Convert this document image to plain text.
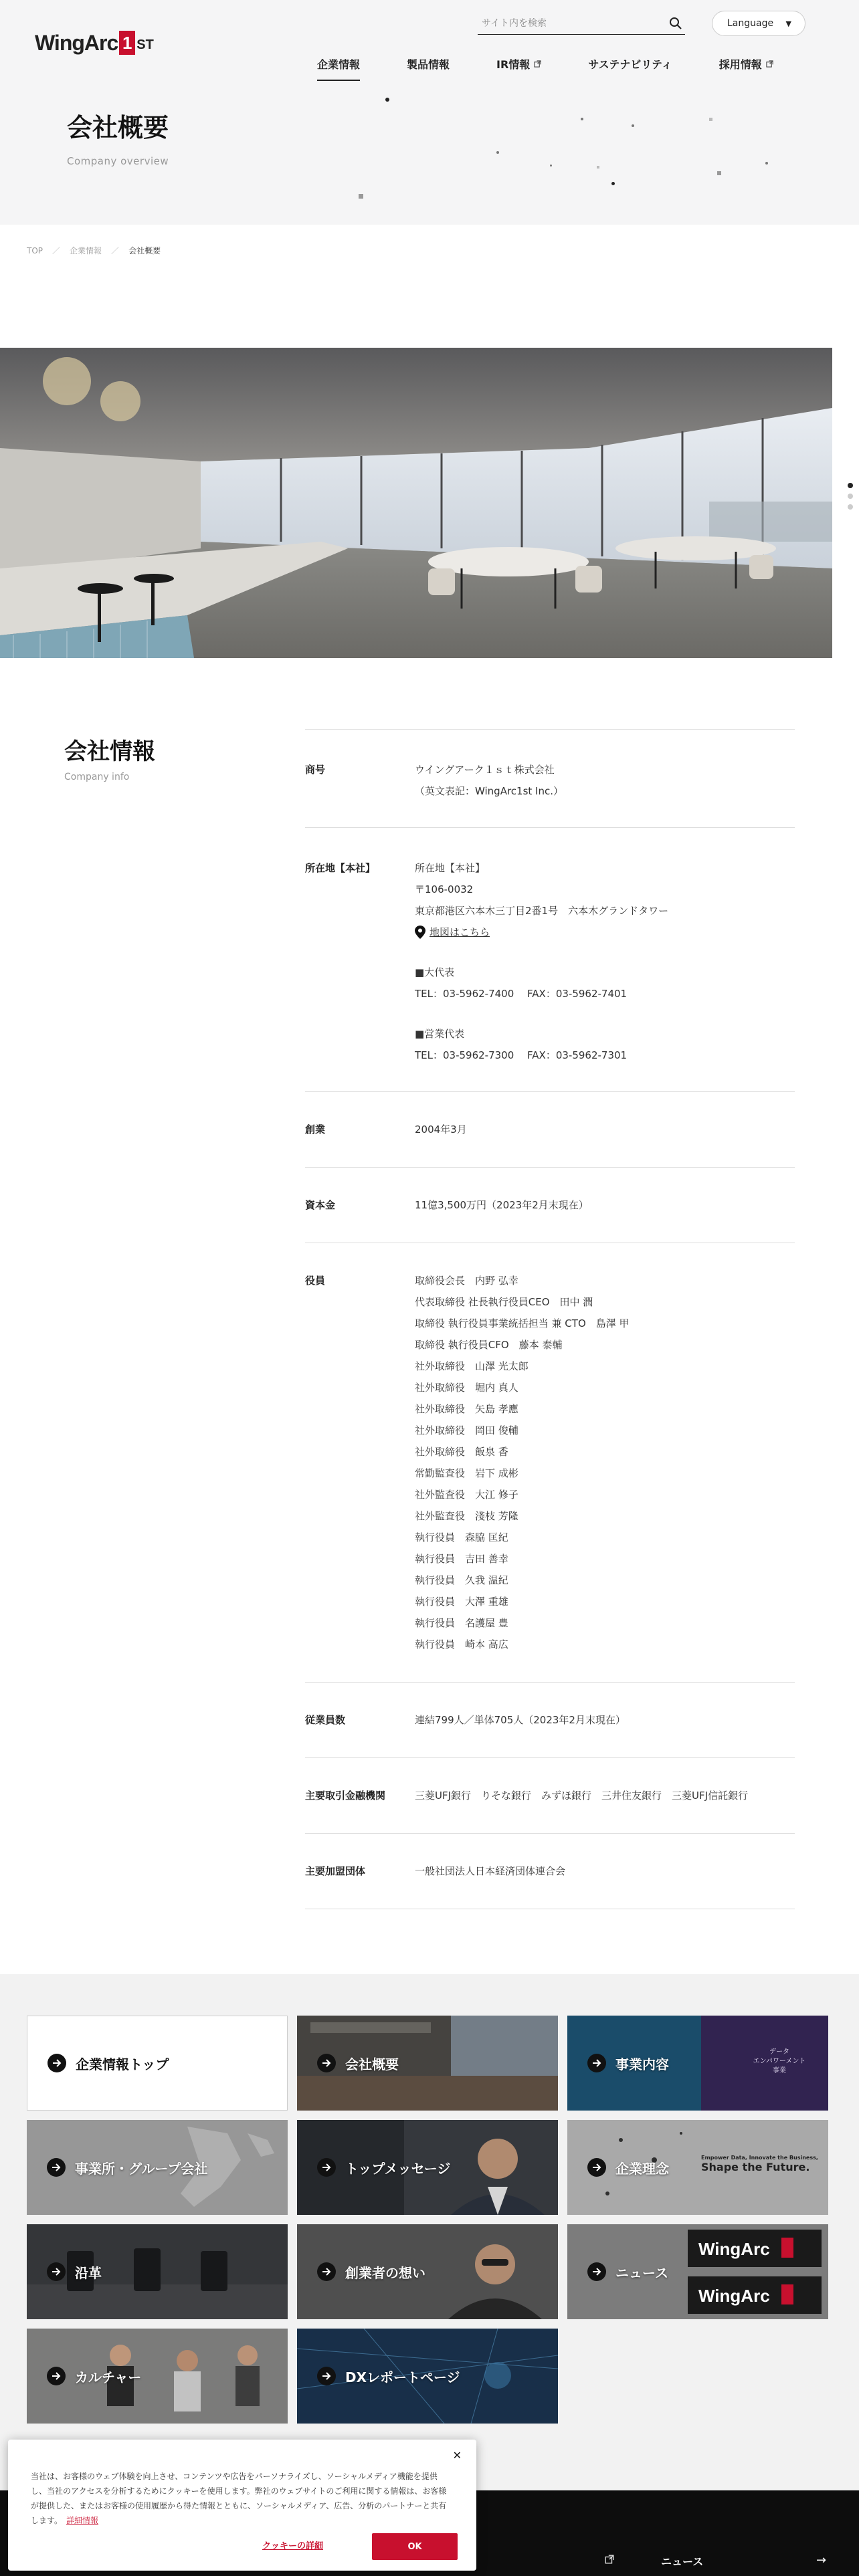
WingArc 1 ST
サイト内を検索
Language ▼
企業情報	製品情報	IR情報	サステナビリティ	採用情報
会社概要
Company overview
TOP ／ 企業情報 ／ 会社概要
会社情報
Company info
商号	ウイングアーク１ｓｔ株式会社
（英文表記：WingArc1st Inc.）
所在地【本社】	所在地【本社】
〒106-0032
東京都港区六本木三丁目2番1号　六本木グランドタワー
地図はこちら
■大代表
TEL：03-5962-7400　 FAX：03-5962-7401
■営業代表
TEL：03-5962-7300　 FAX：03-5962-7301
創業	2004年3月
資本金	11億3,500万円（2023年2月末現在）
役員	取締役会長　内野 弘幸
代表取締役 社長執行役員CEO　田中 潤
取締役 執行役員事業統括担当 兼 CTO　島澤 甲
取締役 執行役員CFO　藤本 泰輔
社外取締役　山澤 光太郎
社外取締役　堀内 真人
社外取締役　矢島 孝應
社外取締役　岡田 俊輔
社外取締役　飯泉 香
常勤監査役　岩下 成彬
社外監査役　大江 修子
社外監査役　淺枝 芳隆
執行役員　森脇 匡紀
執行役員　吉田 善幸
執行役員　久我 温紀
執行役員　大澤 重雄
執行役員　名護屋 豊
執行役員　崎本 高広
従業員数	連結799人／単体705人（2023年2月末現在）
主要取引金融機関	三菱UFJ銀行　りそな銀行　みずほ銀行　三井住友銀行　三菱UFJ信託銀行
主要加盟団体	一般社団法人日本経済団体連合会
企業情報トップ	会社概要	事業内容
データ
エンパワーメント
事業
事業所・グループ会社	トップメッセージ	企業理念
Empower Data, Innovate the Business,
Shape the Future.
沿革	創業者の想い
WingArc
WingArc
ニュース
カルチャー	DXレポートページ
ニュース	→
✕

当社は、お客様のウェブ体験を向上させ、コンテンツや広告をパーソナライズし、ソーシャルメディア機能を提供し、当社のアクセスを分析するためにクッキーを使用します。弊社のウェブサイトのご利用に関する情報は、お客様が提供した、またはお客様の使用履歴から得た情報とともに、ソーシャルメディア、広告、分析のパートナーと共有します。 詳細情報

クッキーの詳細	OK
